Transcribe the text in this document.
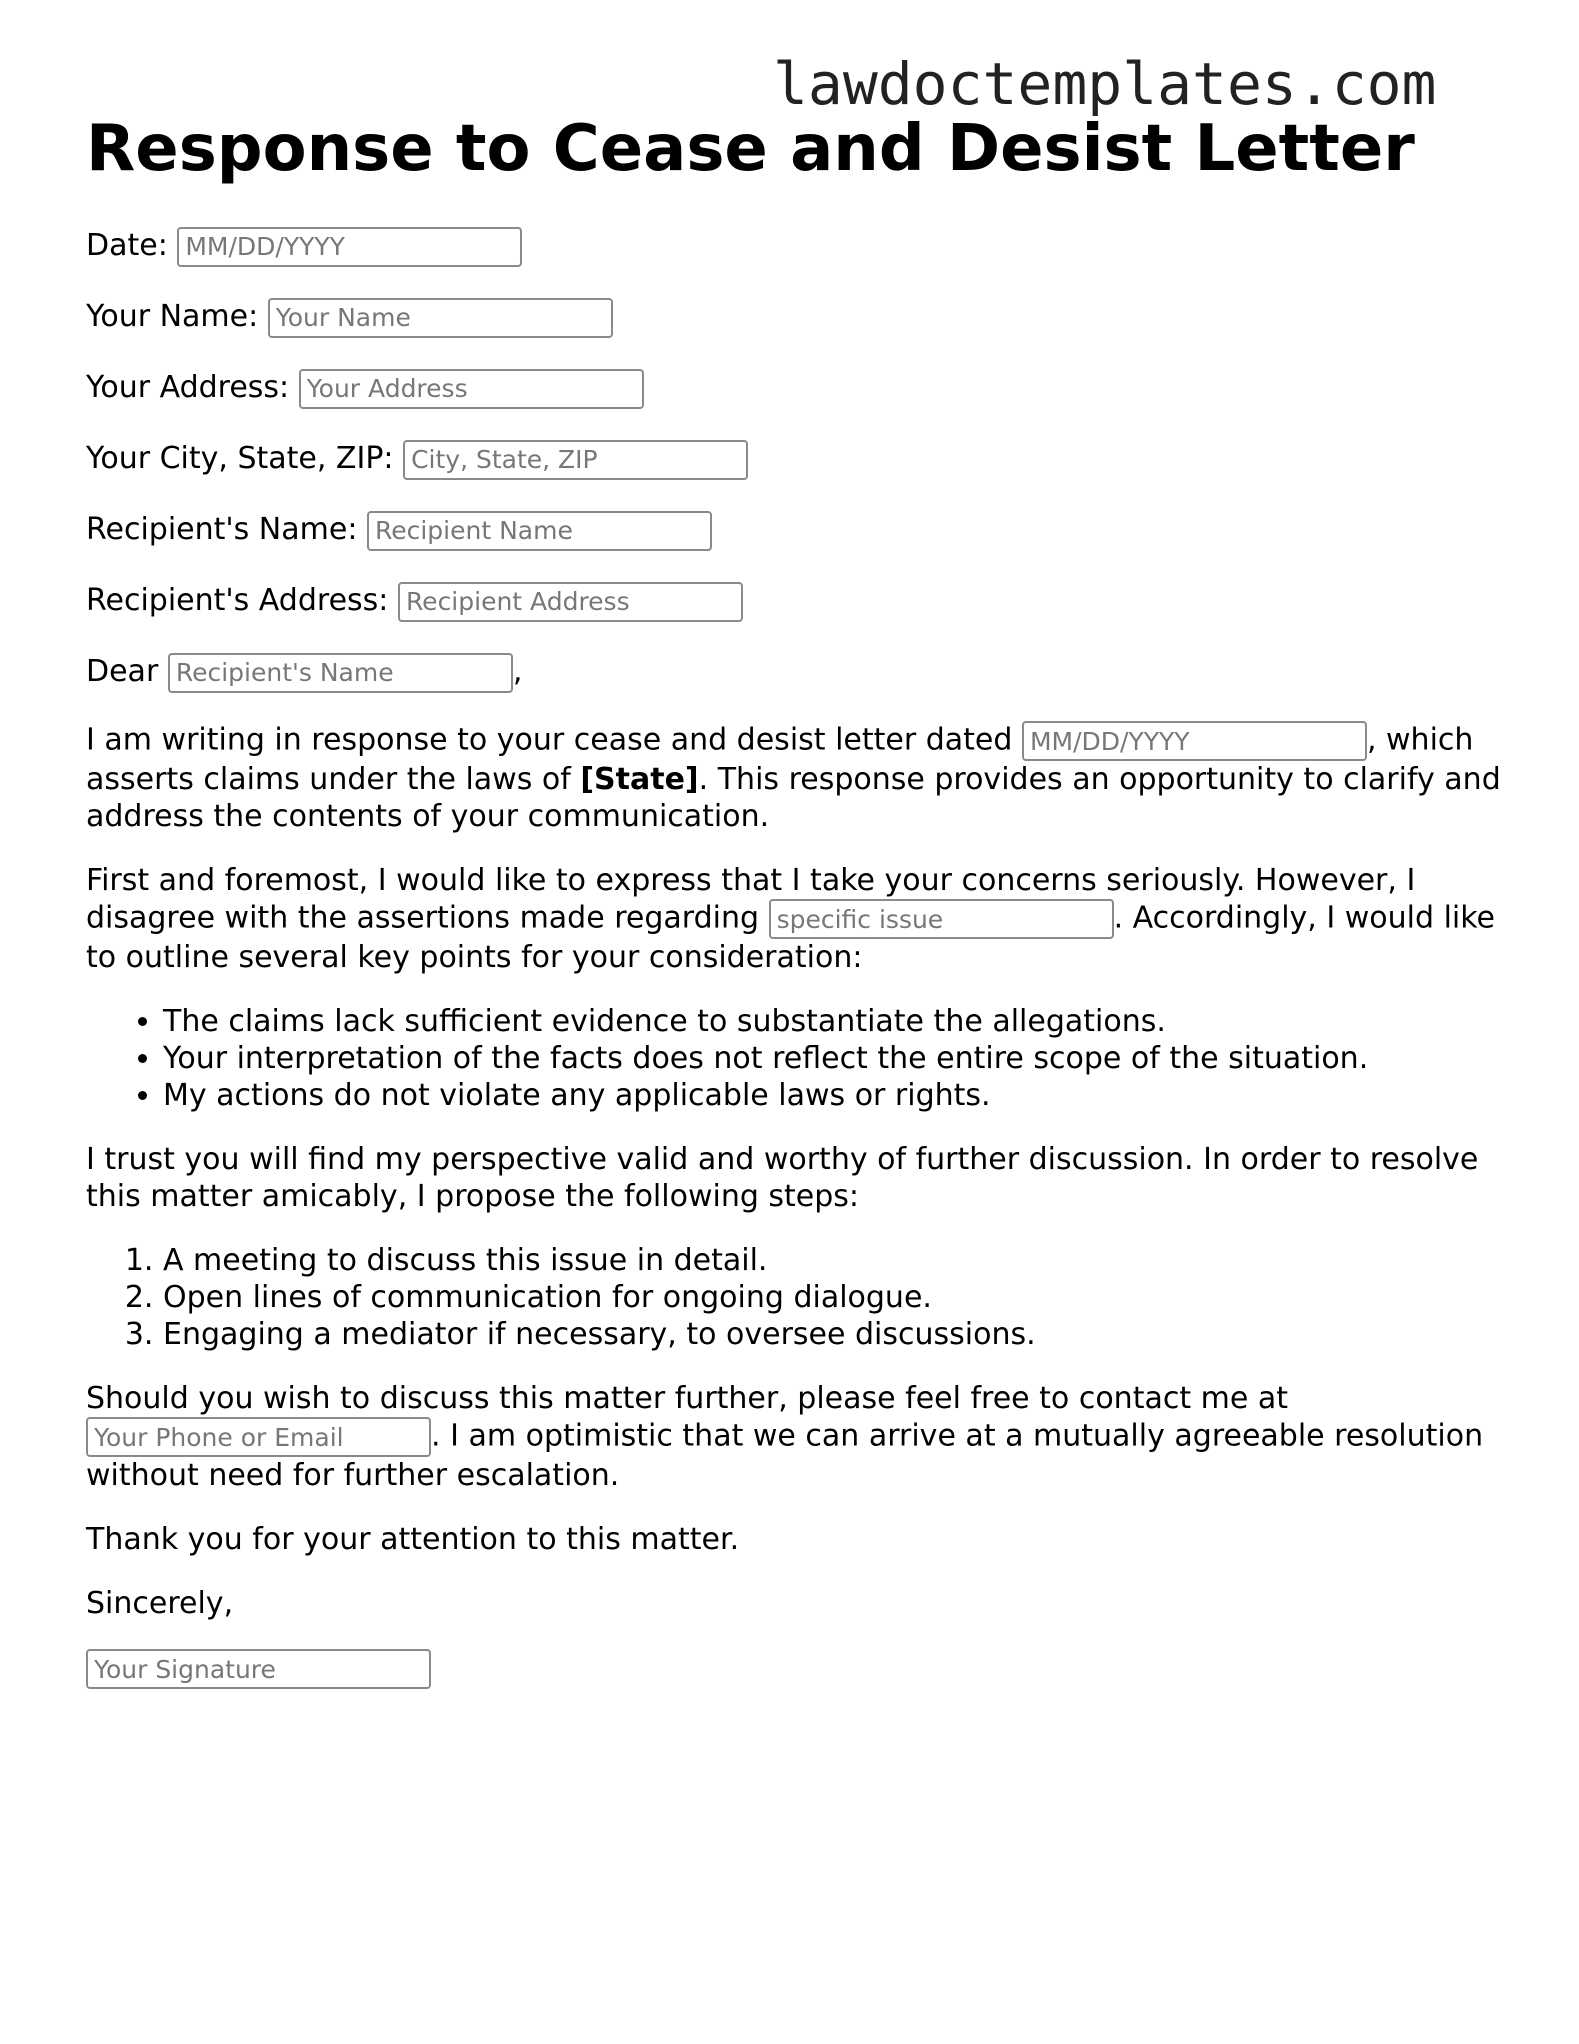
lawdoctemplates.com
Response to Cease and Desist Letter
Date: MM/DD/YYYY
Your Name: Your Name
Your Address: Your Address
Your City, State, ZIP: City, State, ZIP
Recipient's Name: Recipient Name
Recipient's Address: Recipient Address
Dear Recipient's Name	,

I am writing in response to your cease and desist letter dated MM/DD/YYYY	, which asserts claims under the laws of [State]. This response provides an opportunity to clarify and address the contents of your communication.

First and foremost, I would like to express that I take your concerns seriously. However, I disagree with the assertions made regarding specific issue	. Accordingly, I would like to outline several key points for your consideration:

• The claims lack sufficient evidence to substantiate the allegations.
• Your interpretation of the facts does not reflect the entire scope of the situation.
• My actions do not violate any applicable laws or rights.

I trust you will find my perspective valid and worthy of further discussion. In order to resolve this matter amicably, I propose the following steps:

1. A meeting to discuss this issue in detail.
2. Open lines of communication for ongoing dialogue.
3. Engaging a mediator if necessary, to oversee discussions.

Should you wish to discuss this matter further, please feel free to contact me at Your Phone or Email. I am optimistic that we can arrive at a mutually agreeable resolution without need for further escalation.

Thank you for your attention to this matter.

Sincerely,

Your Signature
